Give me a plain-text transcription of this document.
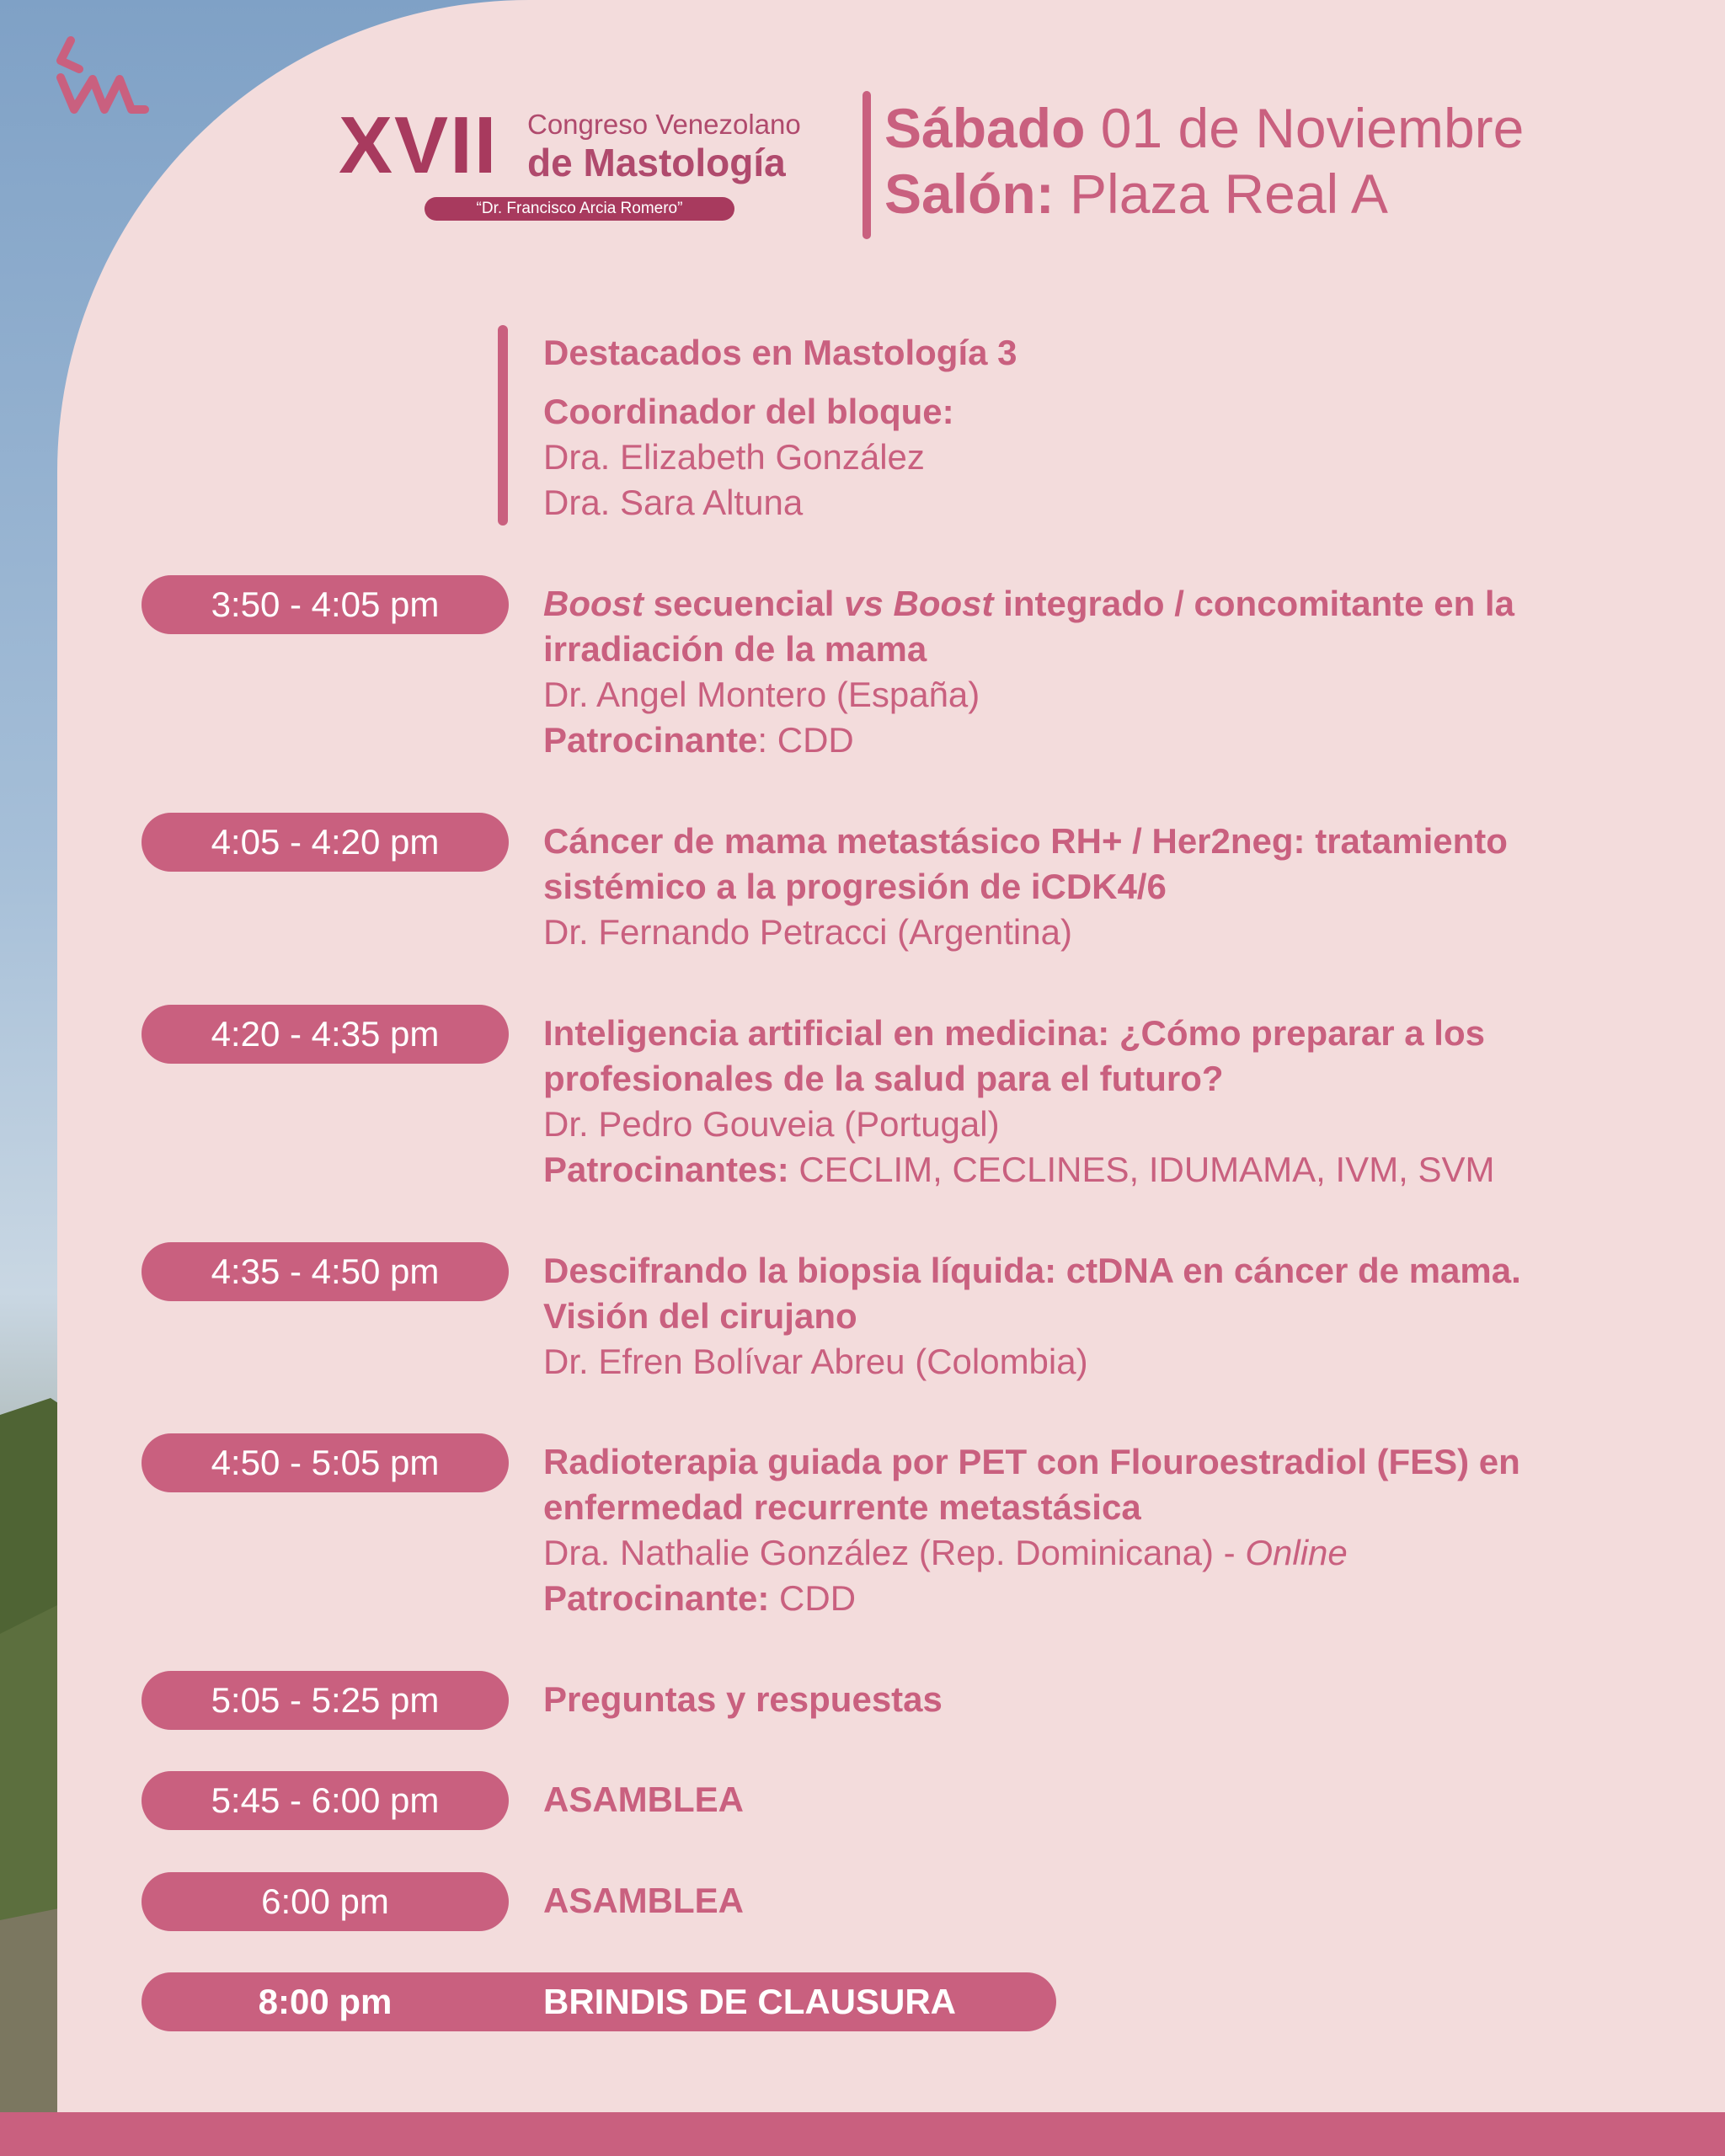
XVII Congreso Venezolano
de Mastología
“Dr. Francisco Arcia Romero”
Sábado 01 de Noviembre
Salón: Plaza Real A
Destacados en Mastología 3
Coordinador del bloque:
Dra. Elizabeth González
Dra. Sara Altuna
3:50 - 4:05 pm	Boost secuencial vs Boost integrado / concomitante en la
irradiación de la mama
Dr. Angel Montero (España)
Patrocinante: CDD
4:05 - 4:20 pm	Cáncer de mama metastásico RH+ / Her2neg: tratamiento
sistémico a la progresión de iCDK4/6
Dr. Fernando Petracci (Argentina)
4:20 - 4:35 pm	Inteligencia artificial en medicina: ¿Cómo preparar a los
profesionales de la salud para el futuro?
Dr. Pedro Gouveia (Portugal)
Patrocinantes: CECLIM, CECLINES, IDUMAMA, IVM, SVM
4:35 - 4:50 pm	Descifrando la biopsia líquida: ctDNA en cáncer de mama.
Visión del cirujano
Dr. Efren Bolívar Abreu (Colombia)
4:50 - 5:05 pm	Radioterapia guiada por PET con Flouroestradiol (FES) en
enfermedad recurrente metastásica
Dra. Nathalie González (Rep. Dominicana) - Online
Patrocinante: CDD
5:05 - 5:25 pm	Preguntas y respuestas
5:45 - 6:00 pm	ASAMBLEA
6:00 pm	ASAMBLEA
8:00 pm	BRINDIS DE CLAUSURA
